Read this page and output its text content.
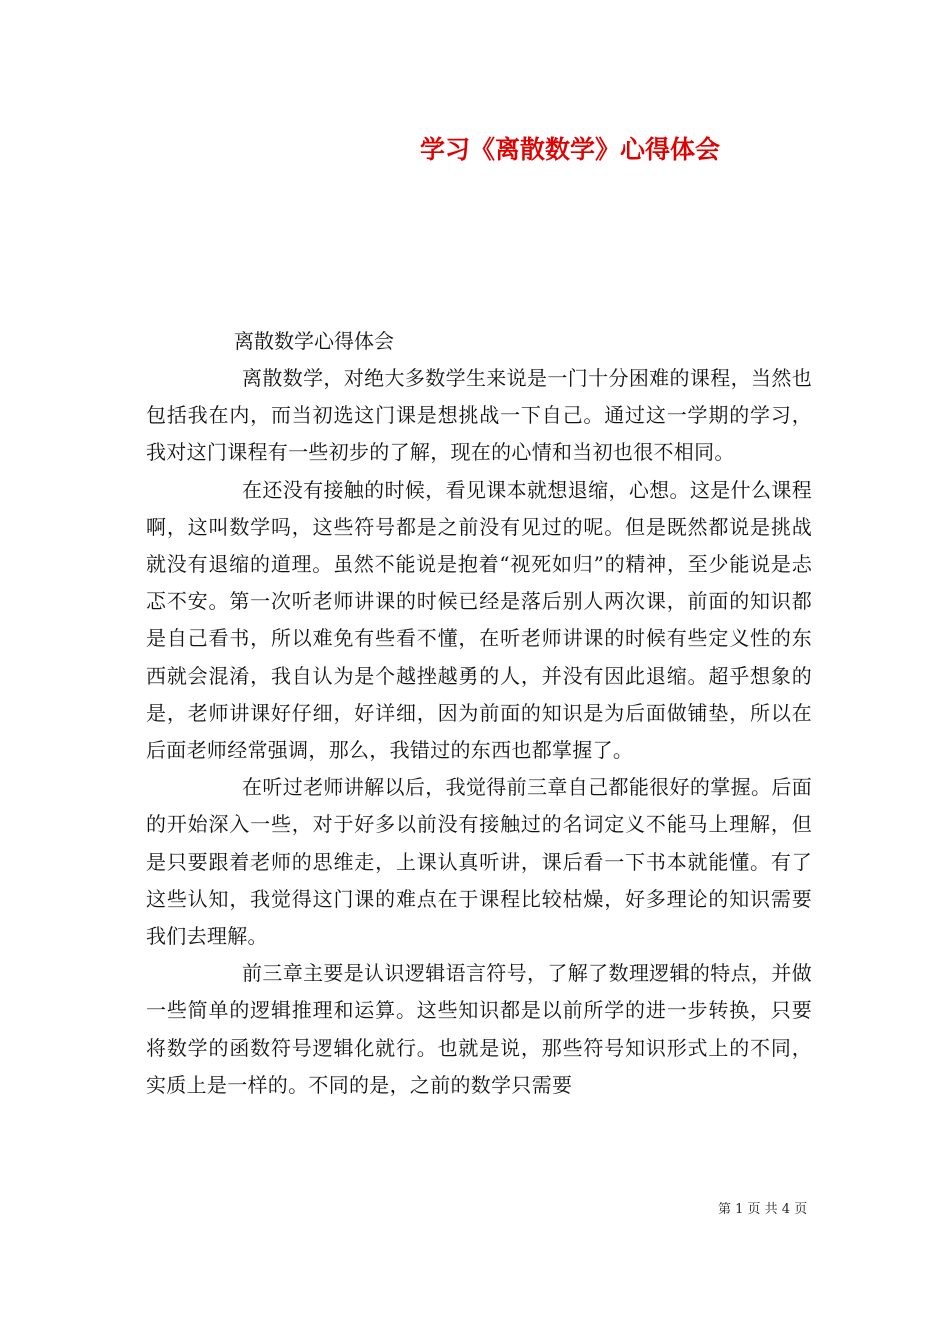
学习《离散数学》心得体会
离散数学心得体会

离散数学，对绝大多数学生来说是一门十分困难的课程，当然也包括我在内，而当初选这门课是想挑战一下自己。通过这一学期的学习，我对这门课程有一些初步的了解，现在的心情和当初也很不相同。

在还没有接触的时候，看见课本就想退缩，心想。这是什么课程啊，这叫数学吗，这些符号都是之前没有见过的呢。但是既然都说是挑战就没有退缩的道理。虽然不能说是抱着“视死如归”的精神，至少能说是忐忑不安。第一次听老师讲课的时候已经是落后别人两次课，前面的知识都是自己看书，所以难免有些看不懂，在听老师讲课的时候有些定义性的东西就会混淆，我自认为是个越挫越勇的人，并没有因此退缩。超乎想象的是，老师讲课好仔细，好详细，因为前面的知识是为后面做铺垫，所以在后面老师经常强调，那么，我错过的东西也都掌握了。

在听过老师讲解以后，我觉得前三章自己都能很好的掌握。后面的开始深入一些，对于好多以前没有接触过的名词定义不能马上理解，但是只要跟着老师的思维走，上课认真听讲，课后看一下书本就能懂。有了这些认知，我觉得这门课的难点在于课程比较枯燥，好多理论的知识需要我们去理解。

前三章主要是认识逻辑语言符号，了解了数理逻辑的特点，并做一些简单的逻辑推理和运算。这些知识都是以前所学的进一步转换，只要将数学的函数符号逻辑化就行。也就是说，那些符号知识形式上的不同，实质上是一样的。不同的是，之前的数学只需要

第 1 页 共 4 页
